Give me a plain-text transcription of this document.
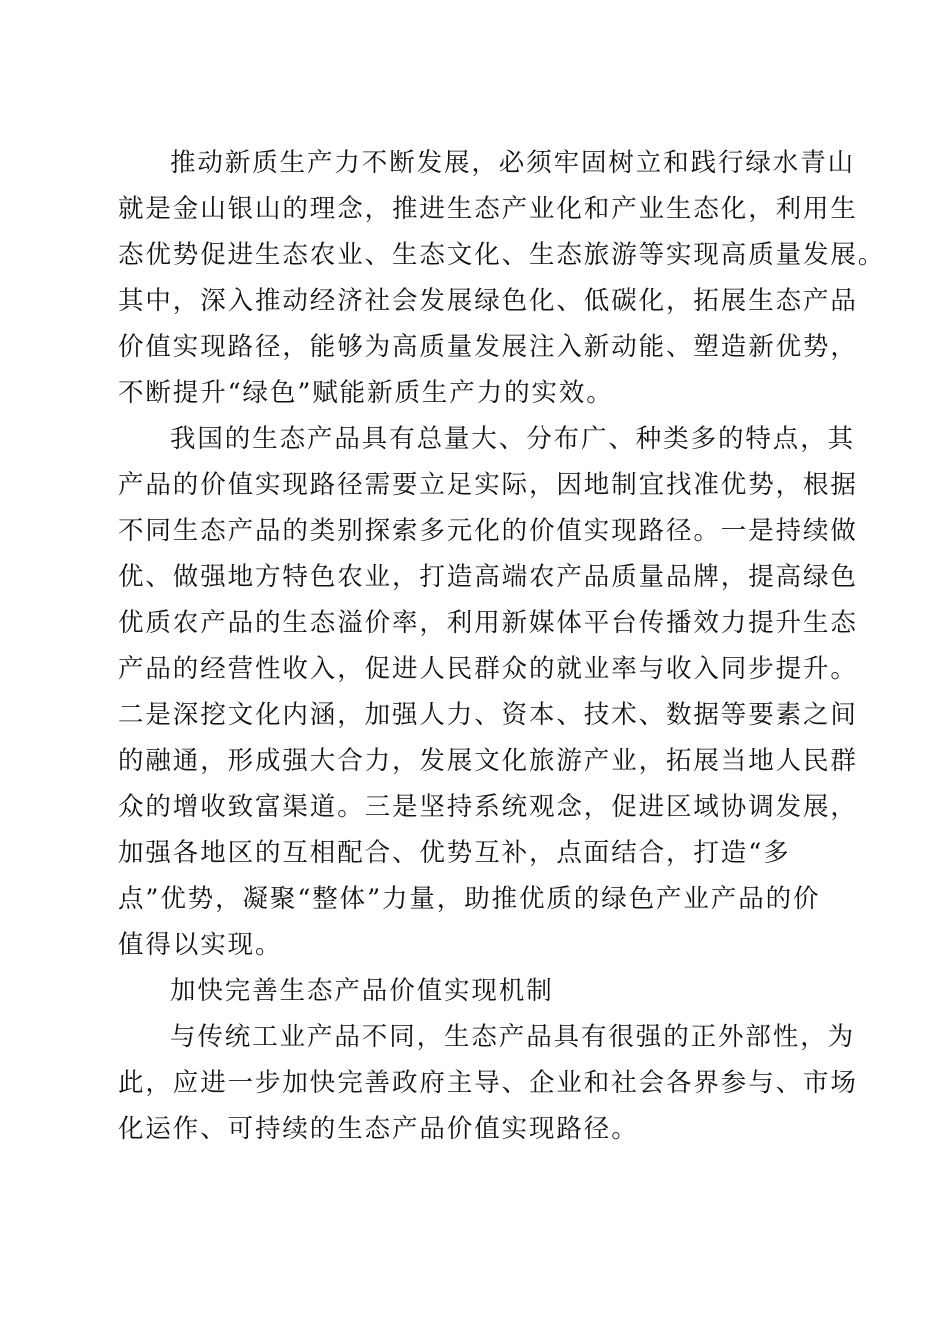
推动新质生产力不断发展，必须牢固树立和践行绿水青山
就是金山银山的理念，推进生态产业化和产业生态化，利用生
态优势促进生态农业、生态文化、生态旅游等实现高质量发展。
其中，深入推动经济社会发展绿色化、低碳化，拓展生态产品
价值实现路径，能够为高质量发展注入新动能、塑造新优势，
不断提升“绿色”赋能新质生产力的实效。
我国的生态产品具有总量大、分布广、种类多的特点，其
产品的价值实现路径需要立足实际，因地制宜找准优势，根据
不同生态产品的类别探索多元化的价值实现路径。一是持续做
优、做强地方特色农业，打造高端农产品质量品牌，提高绿色
优质农产品的生态溢价率，利用新媒体平台传播效力提升生态
产品的经营性收入，促进人民群众的就业率与收入同步提升。
二是深挖文化内涵，加强人力、资本、技术、数据等要素之间
的融通，形成强大合力，发展文化旅游产业，拓展当地人民群
众的增收致富渠道。三是坚持系统观念，促进区域协调发展，
加强各地区的互相配合、优势互补，点面结合，打造“多
点”优势，凝聚“整体”力量，助推优质的绿色产业产品的价
值得以实现。
加快完善生态产品价值实现机制
与传统工业产品不同，生态产品具有很强的正外部性，为
此，应进一步加快完善政府主导、企业和社会各界参与、市场
化运作、可持续的生态产品价值实现路径。
